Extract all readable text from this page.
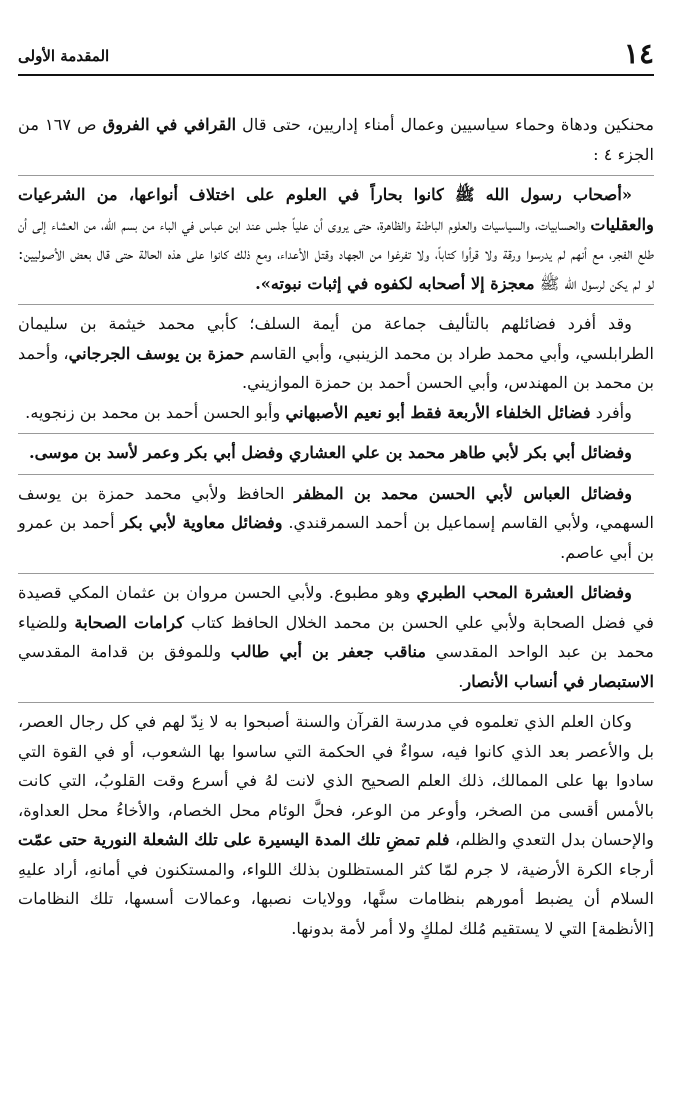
١٤
المقدمة الأولى

محنكين ودهاة وحماء سياسيين وعمال أمناء إداريين، حتى قال القرافي في الفروق ص ١٦٧ من الجزء ٤ :

«أصحاب رسول الله ﷺ كانوا بحاراً في العلوم على اختلاف أنواعها، من الشرعيات والعقليات والحسابيات، والسياسيات والعلوم الباطنة والظاهرة، حتى يروى أن علياً جلس عند ابن عباس في الباء من بسم الله، من العشاء إلى أن طلع الفجر، مع أنهم لم يدرسوا ورقة ولا قرأوا كتاباً، ولا تفرغوا من الجهاد وقتل الأعداء، ومع ذلك كانوا على هذه الحالة حتى قال بعض الأصوليين: لو لم يكن لرسول الله ﷺ معجزة إلا أصحابه لكفوه في إثبات نبوته».

وقد أفرد فضائلهم بالتأليف جماعة من أيمة السلف؛ كأبي محمد خيثمة بن سليمان الطرابلسي، وأبي محمد طراد بن محمد الزينبي، وأبي القاسم حمزة بن يوسف الجرجاني، وأحمد بن محمد بن المهندس، وأبي الحسن أحمد بن حمزة الموازيني.

وأفرد فضائل الخلفاء الأربعة فقط أبو نعيم الأصبهاني وأبو الحسن أحمد بن محمد بن زنجويه.

وفضائل أبي بكر لأبي طاهر محمد بن علي العشاري وفضل أبي بكر وعمر لأسد بن موسى.

وفضائل العباس لأبي الحسن محمد بن المظفر الحافظ ولأبي محمد حمزة بن يوسف السهمي، ولأبي القاسم إسماعيل بن أحمد السمرقندي. وفضائل معاوية لأبي بكر أحمد بن عمرو بن أبي عاصم.

وفضائل العشرة المحب الطبري وهو مطبوع. ولأبي الحسن مروان بن عثمان المكي قصيدة في فضل الصحابة ولأبي علي الحسن بن محمد الخلال الحافظ كتاب كرامات الصحابة وللضياء محمد بن عبد الواحد المقدسي مناقب جعفر بن أبي طالب وللموفق بن قدامة المقدسي الاستبصار في أنساب الأنصار.

وكان العلم الذي تعلموه في مدرسة القرآن والسنة أصبحوا به لا نِدّ لهم في كل رجال العصر، بل والأعصر بعد الذي كانوا فيه، سواءٌ في الحكمة التي ساسوا بها الشعوب، أو في القوة التي سادوا بها على الممالك، ذلك العلم الصحيح الذي لانت لهُ في أسرع وقت القلوبُ، التي كانت بالأمس أقسى من الصخر، وأوعر من الوعر، فحلَّ الوئام محل الخصام، والأخاءُ محل العداوة، والإحسان بدل التعدي والظلم، فلم تمضِ تلك المدة اليسيرة على تلك الشعلة النورية حتى عمّت أرجاء الكرة الأرضية، لا جرم لمّا كثر المستظلون بذلك اللواء، والمستكنون في أمانهِ، أراد عليهِ السلام أن يضبط أمورهم بنظامات سنَّها، وولايات نصبها، وعمالات أسسها، تلك النظامات [الأنظمة] التي لا يستقيم مُلك لملكٍ ولا أمر لأمة بدونها.
